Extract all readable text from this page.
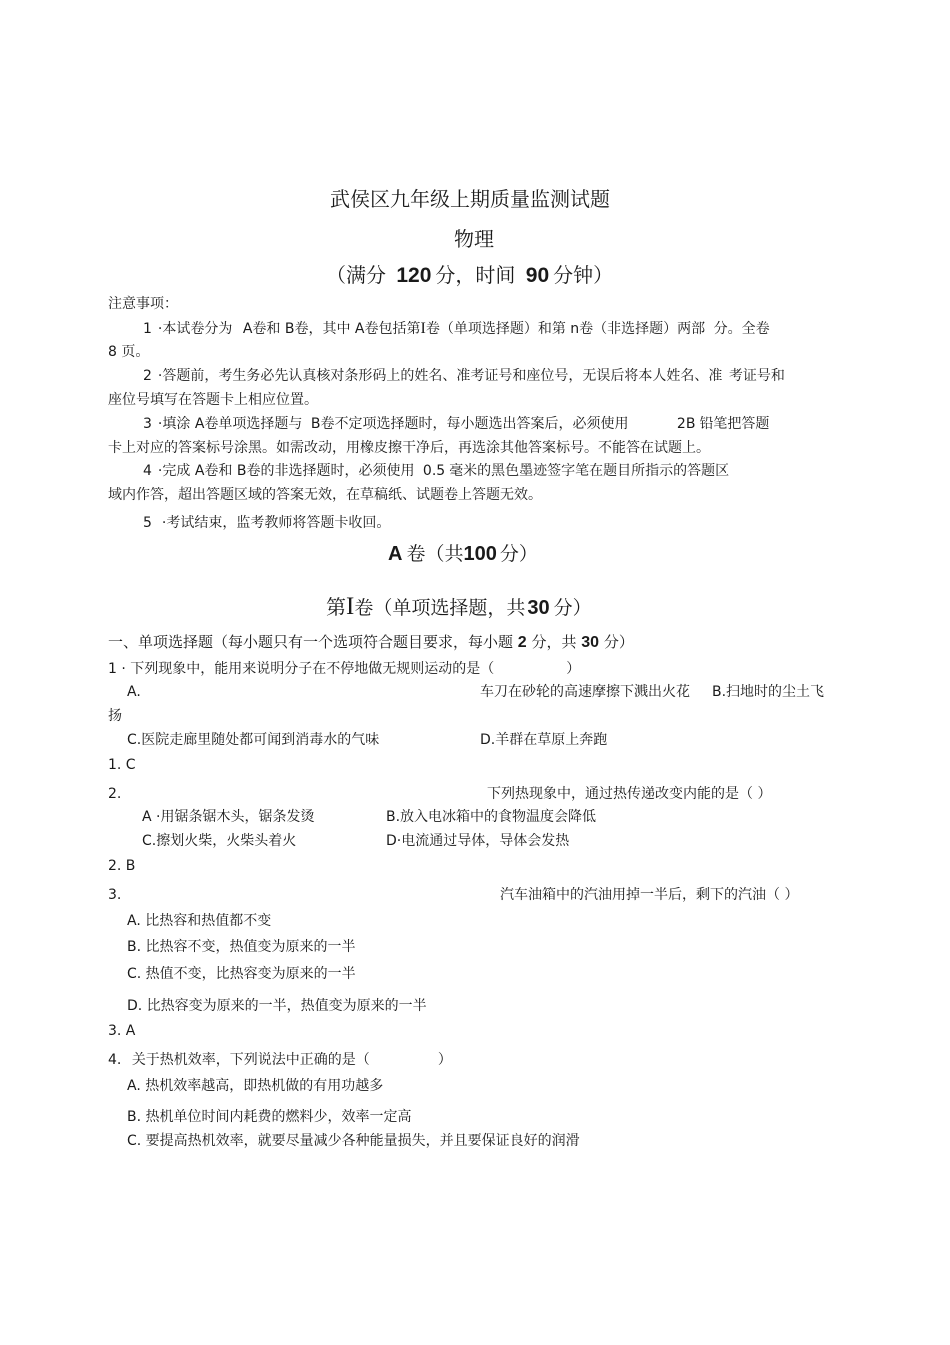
武侯区九年级上期质量监测试题
物理
（满分 120 分，时间 90 分钟）
注意事项：
1 ·本试卷分为 A卷和 B卷，其中 A卷包括第I卷（单项选择题）和第 n卷（非选择题）两部 分。全卷
8 页。
2 ·答题前，考生务必先认真核对条形码上的姓名、准考证号和座位号，无误后将本人姓名、准 考证号和
座位号填写在答题卡上相应位置。
3 ·填涂 A卷单项选择题与 B卷不定项选择题时，每小题选出答案后，必须使用	2B 铅笔把答题
卡上对应的答案标号涂黑。如需改动，用橡皮擦干净后，再选涂其他答案标号。不能答在试题上。
4 ·完成 A卷和 B卷的非选择题时，必须使用 0.5 毫米的黑色墨迹签字笔在题目所指示的答题区
域内作答，超出答题区域的答案无效，在草稿纸、试题卷上答题无效。
5 ·考试结束，监考教师将答题卡收回。
A 卷（共100 分）
第I卷（单项选择题，共 30 分）
一、单项选择题（每小题只有一个选项符合题目要求，每小题 2 分，共 30 分）
1 · 下列现象中，能用来说明分子在不停地做无规则运动的是（	）
A.	车刀在砂轮的高速摩擦下溅出火花 B.扫地时的尘土飞
扬
C.医院走廊里随处都可闻到消毒水的气味	D.羊群在草原上奔跑
1. C
2.	下列热现象中，通过热传递改变内能的是（ ）
A ·用锯条锯木头，锯条发烫	B.放入电冰箱中的食物温度会降低
C.擦划火柴，火柴头着火	D·电流通过导体，导体会发热
2. B
3.	汽车油箱中的汽油用掉一半后，剩下的汽油（ ）
A. 比热容和热值都不变
B. 比热容不变，热值变为原来的一半
C. 热值不变，比热容变为原来的一半
D. 比热容变为原来的一半，热值变为原来的一半
3. A
4. 关于热机效率，下列说法中正确的是（	）
A. 热机效率越高，即热机做的有用功越多
B. 热机单位时间内耗费的燃料少，效率一定高
C. 要提高热机效率，就要尽量减少各种能量损失，并且要保证良好的润滑
